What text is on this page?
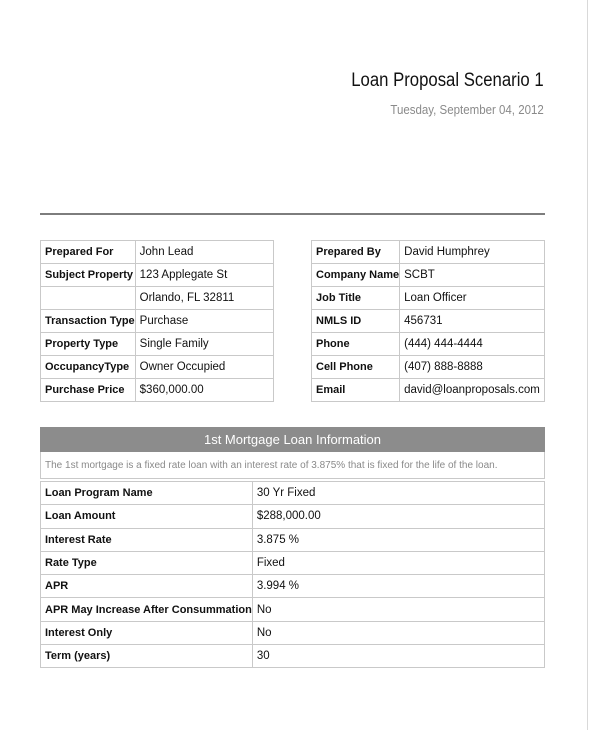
Loan Proposal Scenario 1
Tuesday, September 04, 2012
Prepared For	John Lead
Subject Property	123 Applegate St
	Orlando, FL 32811
Transaction Type	Purchase
Property Type	Single Family
OccupancyType	Owner Occupied
Purchase Price	$360,000.00
Prepared By	David Humphrey
Company Name	SCBT
Job Title	Loan Officer
NMLS ID	456731
Phone	(444) 444-4444
Cell Phone	(407) 888-8888
Email	david@loanproposals.com
1st Mortgage Loan Information
The 1st mortgage is a fixed rate loan with an interest rate of 3.875% that is fixed for the life of the loan.
Loan Program Name	30 Yr Fixed
Loan Amount	$288,000.00
Interest Rate	3.875 %
Rate Type	Fixed
APR	3.994 %
APR May Increase After Consummation	No
Interest Only	No
Term (years)	30
